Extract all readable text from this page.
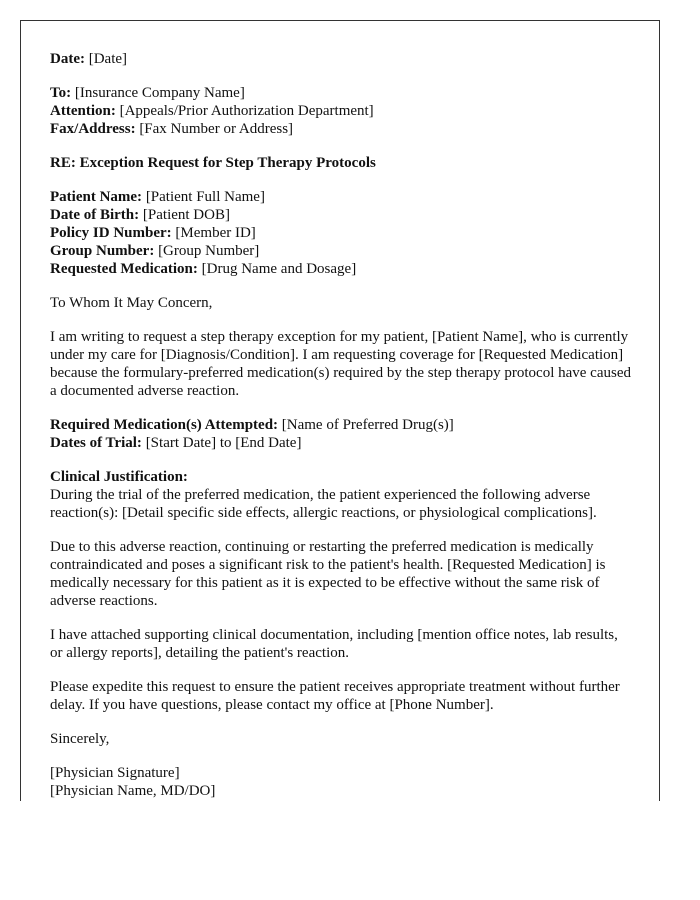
Date: [Date]

To: [Insurance Company Name]
Attention: [Appeals/Prior Authorization Department]
Fax/Address: [Fax Number or Address]

RE: Exception Request for Step Therapy Protocols

Patient Name: [Patient Full Name]
Date of Birth: [Patient DOB]
Policy ID Number: [Member ID]
Group Number: [Group Number]
Requested Medication: [Drug Name and Dosage]

To Whom It May Concern,

I am writing to request a step therapy exception for my patient, [Patient Name], who is currently under my care for [Diagnosis/Condition]. I am requesting coverage for [Requested Medication] because the formulary-preferred medication(s) required by the step therapy protocol have caused a documented adverse reaction.

Required Medication(s) Attempted: [Name of Preferred Drug(s)]
Dates of Trial: [Start Date] to [End Date]

Clinical Justification:
During the trial of the preferred medication, the patient experienced the following adverse reaction(s): [Detail specific side effects, allergic reactions, or physiological complications].

Due to this adverse reaction, continuing or restarting the preferred medication is medically contraindicated and poses a significant risk to the patient's health. [Requested Medication] is medically necessary for this patient as it is expected to be effective without the same risk of adverse reactions.

I have attached supporting clinical documentation, including [mention office notes, lab results, or allergy reports], detailing the patient's reaction.

Please expedite this request to ensure the patient receives appropriate treatment without further delay. If you have questions, please contact my office at [Phone Number].

Sincerely,

[Physician Signature]
[Physician Name, MD/DO]
